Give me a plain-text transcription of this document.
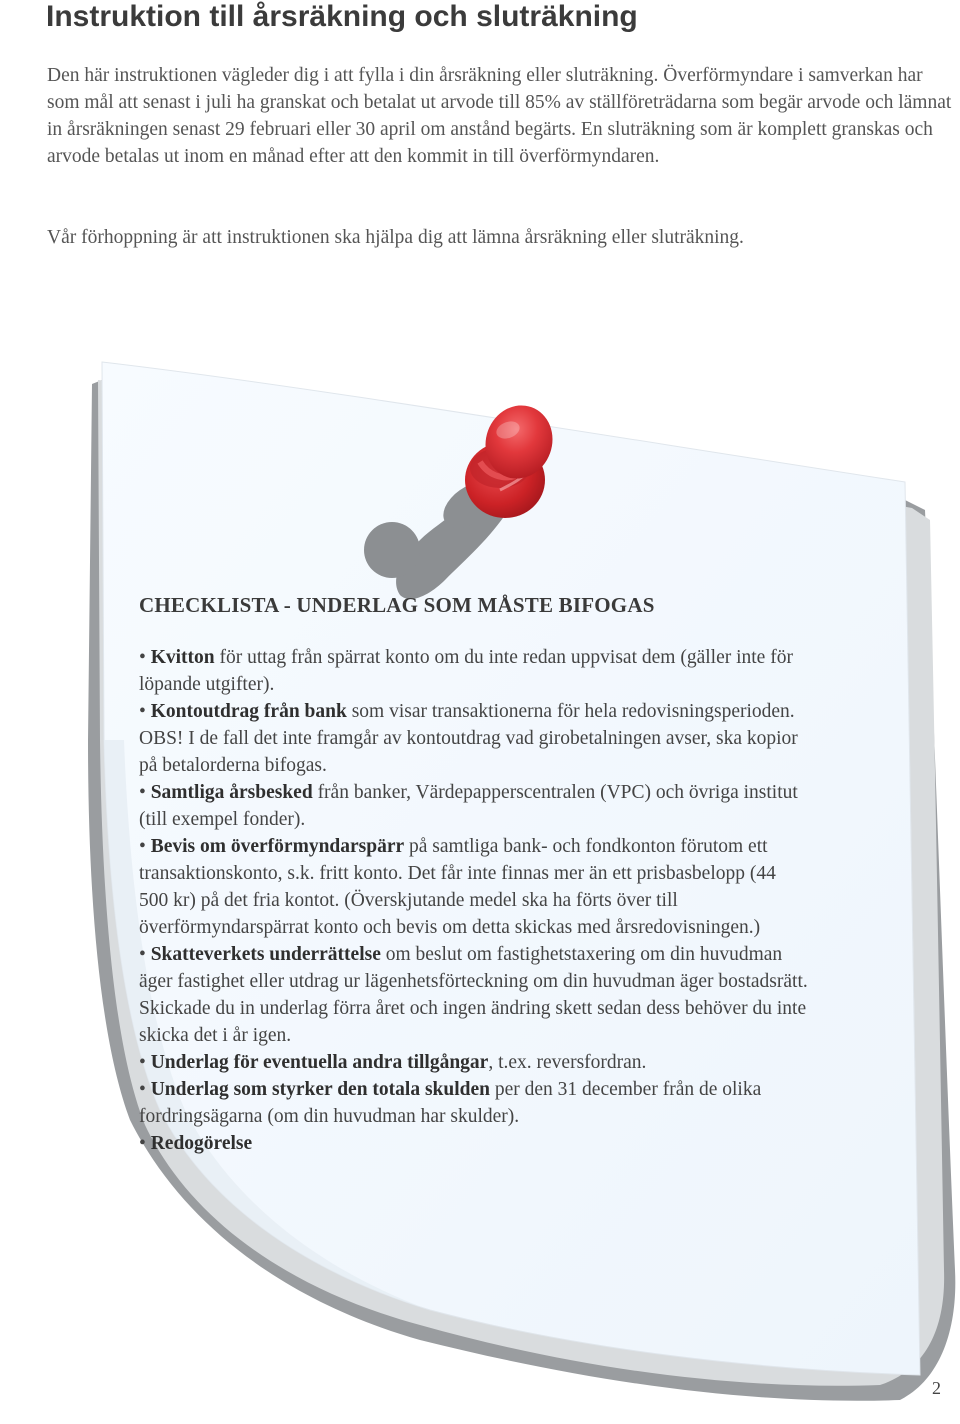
Instruktion till årsräkning och sluträkning

Den här instruktionen vägleder dig i att fylla i din årsräkning eller sluträkning. Överförmyndare i samverkan har som mål att senast i juli ha granskat och betalat ut arvode till 85% av ställföreträdarna som begär arvode och lämnat in årsräkningen senast 29 februari eller 30 april om anstånd begärts. En sluträkning som är komplett granskas och arvode betalas ut inom en månad efter att den kommit in till överförmyndaren.

Vår förhoppning är att instruktionen ska hjälpa dig att lämna årsräkning eller sluträkning.

CHECKLISTA - UNDERLAG SOM MÅSTE BIFOGAS
• Kvitton för uttag från spärrat konto om du inte redan uppvisat dem (gäller inte för löpande utgifter).
• Kontoutdrag från bank som visar transaktionerna för hela redovisningsperioden. OBS! I de fall det inte framgår av kontoutdrag vad girobetalningen avser, ska kopior på betalorderna bifogas.
• Samtliga årsbesked från banker, Värdepapperscentralen (VPC) och övriga institut (till exempel fonder).
• Bevis om överförmyndarspärr på samtliga bank- och fondkonton förutom ett transaktionskonto, s.k. fritt konto. Det får inte finnas mer än ett prisbasbelopp (44 500 kr) på det fria kontot. (Överskjutande medel ska ha förts över till överförmyndarspärrat konto och bevis om detta skickas med årsredovisningen.)
• Skatteverkets underrättelse om beslut om fastighetstaxering om din huvudman äger fastighet eller utdrag ur lägenhetsförteckning om din huvudman äger bostadsrätt. Skickade du in underlag förra året och ingen ändring skett sedan dess behöver du inte skicka det i år igen.
• Underlag för eventuella andra tillgångar, t.ex. reversfordran.
• Underlag som styrker den totala skulden per den 31 december från de olika fordringsägarna (om din huvudman har skulder).
• Redogörelse
2
